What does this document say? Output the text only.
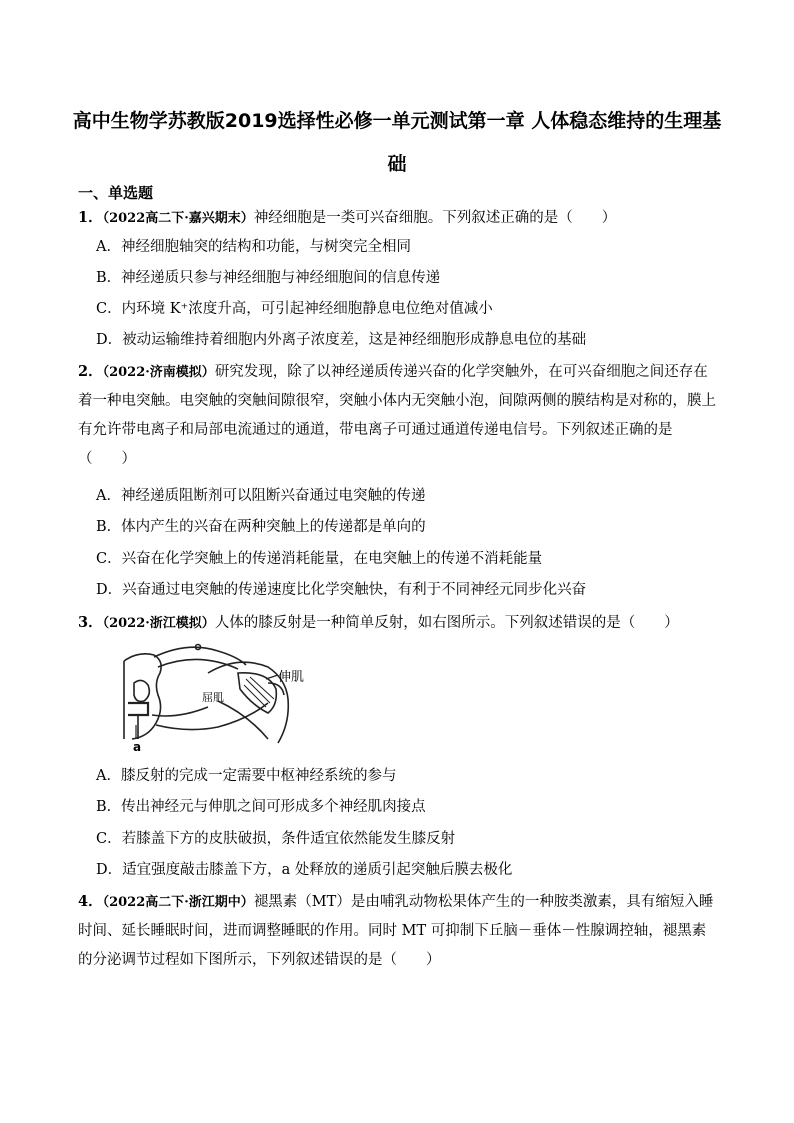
高中生物学苏教版2019选择性必修一单元测试第一章 人体稳态维持的生理基础
一、单选题
1．（2022高二下·嘉兴期末）神经细胞是一类可兴奋细胞。下列叙述正确的是（　　）
A．神经细胞轴突的结构和功能，与树突完全相同
B．神经递质只参与神经细胞与神经细胞间的信息传递
C．内环境 K⁺浓度升高，可引起神经细胞静息电位绝对值减小
D．被动运输维持着细胞内外离子浓度差，这是神经细胞形成静息电位的基础
2．（2022·济南模拟）研究发现，除了以神经递质传递兴奋的化学突触外，在可兴奋细胞之间还存在着一种电突触。电突触的突触间隙很窄，突触小体内无突触小泡，间隙两侧的膜结构是对称的，膜上有允许带电离子和局部电流通过的通道，带电离子可通过通道传递电信号。下列叙述正确的是（　　）
A．神经递质阻断剂可以阻断兴奋通过电突触的传递
B．体内产生的兴奋在两种突触上的传递都是单向的
C．兴奋在化学突触上的传递消耗能量，在电突触上的传递不消耗能量
D．兴奋通过电突触的传递速度比化学突触快，有利于不同神经元同步化兴奋
3．（2022·浙江模拟）人体的膝反射是一种简单反射，如右图所示。下列叙述错误的是（　　）
伸肌
屈肌
a
A．膝反射的完成一定需要中枢神经系统的参与
B．传出神经元与伸肌之间可形成多个神经肌肉接点
C．若膝盖下方的皮肤破损，条件适宜依然能发生膝反射
D．适宜强度敲击膝盖下方，a 处释放的递质引起突触后膜去极化
4．（2022高二下·浙江期中）褪黑素（MT）是由哺乳动物松果体产生的一种胺类激素，具有缩短入睡时间、延长睡眠时间，进而调整睡眠的作用。同时 MT 可抑制下丘脑－垂体－性腺调控轴，褪黑素的分泌调节过程如下图所示，下列叙述错误的是（　　）
